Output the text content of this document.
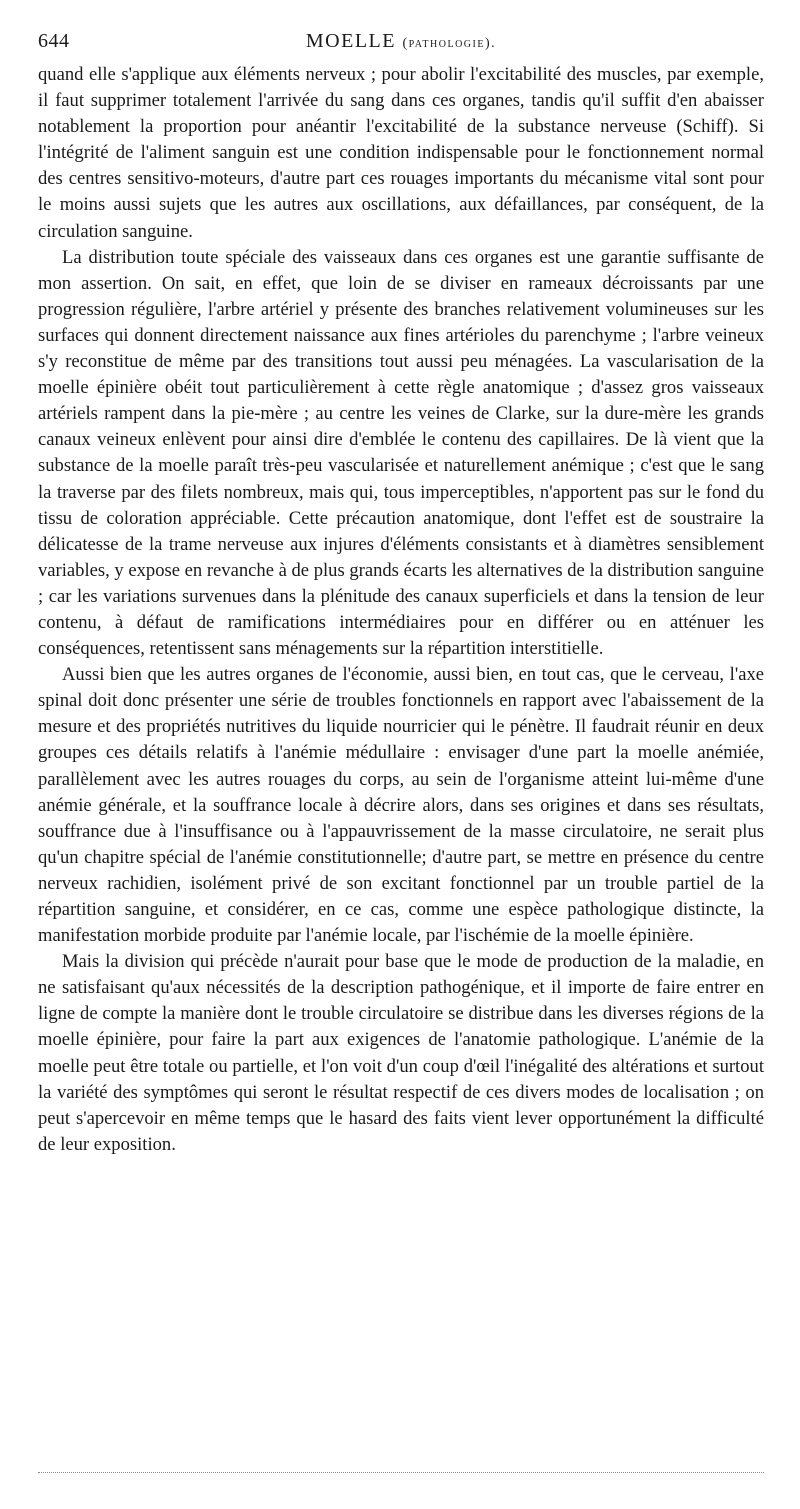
644	MOELLE (pathologie).

quand elle s'applique aux éléments nerveux ; pour abolir l'excitabilité des muscles, par exemple, il faut supprimer totalement l'arrivée du sang dans ces organes, tandis qu'il suffit d'en abaisser notablement la proportion pour anéantir l'excitabilité de la substance nerveuse (Schiff). Si l'intégrité de l'aliment sanguin est une condition indispensable pour le fonctionnement normal des centres sensitivo-moteurs, d'autre part ces rouages importants du mécanisme vital sont pour le moins aussi sujets que les autres aux oscillations, aux défaillances, par conséquent, de la circulation sanguine.

La distribution toute spéciale des vaisseaux dans ces organes est une garantie suffisante de mon assertion. On sait, en effet, que loin de se diviser en rameaux décroissants par une progression régulière, l'arbre artériel y présente des branches relativement volumineuses sur les surfaces qui donnent directement naissance aux fines artérioles du parenchyme ; l'arbre veineux s'y reconstitue de même par des transitions tout aussi peu ménagées. La vascularisation de la moelle épinière obéit tout particulièrement à cette règle anatomique ; d'assez gros vaisseaux artériels rampent dans la pie-mère ; au centre les veines de Clarke, sur la dure-mère les grands canaux veineux enlèvent pour ainsi dire d'emblée le contenu des capillaires. De là vient que la substance de la moelle paraît très-peu vascularisée et naturellement anémique ; c'est que le sang la traverse par des filets nombreux, mais qui, tous imperceptibles, n'apportent pas sur le fond du tissu de coloration appréciable. Cette précaution anatomique, dont l'effet est de soustraire la délicatesse de la trame nerveuse aux injures d'éléments consistants et à diamètres sensiblement variables, y expose en revanche à de plus grands écarts les alternatives de la distribution sanguine ; car les variations survenues dans la plénitude des canaux superficiels et dans la tension de leur contenu, à défaut de ramifications intermédiaires pour en différer ou en atténuer les conséquences, retentissent sans ménagements sur la répartition interstitielle.

Aussi bien que les autres organes de l'économie, aussi bien, en tout cas, que le cerveau, l'axe spinal doit donc présenter une série de troubles fonctionnels en rapport avec l'abaissement de la mesure et des propriétés nutritives du liquide nourricier qui le pénètre. Il faudrait réunir en deux groupes ces détails relatifs à l'anémie médullaire : envisager d'une part la moelle anémiée, parallèlement avec les autres rouages du corps, au sein de l'organisme atteint lui-même d'une anémie générale, et la souffrance locale à décrire alors, dans ses origines et dans ses résultats, souffrance due à l'insuffisance ou à l'appauvrissement de la masse circulatoire, ne serait plus qu'un chapitre spécial de l'anémie constitutionnelle; d'autre part, se mettre en présence du centre nerveux rachidien, isolément privé de son excitant fonctionnel par un trouble partiel de la répartition sanguine, et considérer, en ce cas, comme une espèce pathologique distincte, la manifestation morbide produite par l'anémie locale, par l'ischémie de la moelle épinière.

Mais la division qui précède n'aurait pour base que le mode de production de la maladie, en ne satisfaisant qu'aux nécessités de la description pathogénique, et il importe de faire entrer en ligne de compte la manière dont le trouble circulatoire se distribue dans les diverses régions de la moelle épinière, pour faire la part aux exigences de l'anatomie pathologique. L'anémie de la moelle peut être totale ou partielle, et l'on voit d'un coup d'œil l'inégalité des altérations et surtout la variété des symptômes qui seront le résultat respectif de ces divers modes de localisation ; on peut s'apercevoir en même temps que le hasard des faits vient lever opportunément la difficulté de leur exposition.
